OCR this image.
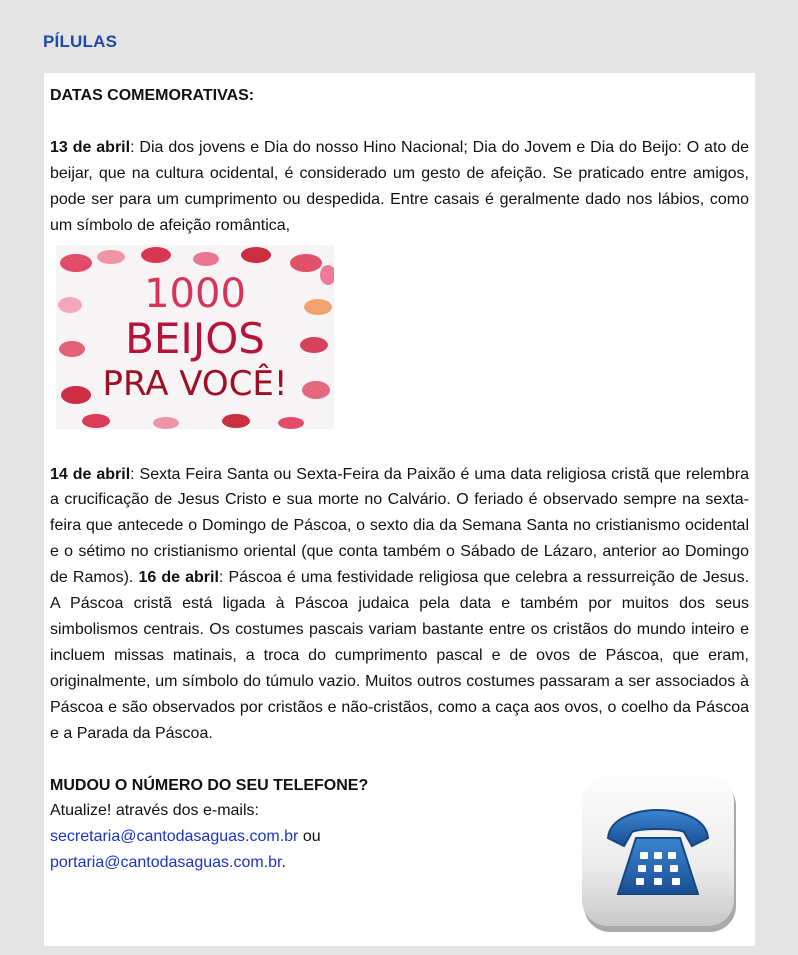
PÍLULAS
DATAS COMEMORATIVAS:

13 de abril: Dia dos jovens e Dia do nosso Hino Nacional; Dia do Jovem e Dia do Beijo: O ato de beijar, que na cultura ocidental, é considerado um gesto de afeição. Se praticado entre amigos, pode ser para um cumprimento ou despedida. Entre casais é geralmente dado nos lábios, como um símbolo de afeição romântica,

1000
BEIJOS
PRA VOCÊ!

14 de abril: Sexta Feira Santa ou Sexta-Feira da Paixão é uma data religiosa cristã que relembra a crucificação de Jesus Cristo e sua morte no Calvário. O feriado é observado sempre na sexta-feira que antecede o Domingo de Páscoa, o sexto dia da Semana Santa no cristianismo ocidental e o sétimo no cristianismo oriental (que conta também o Sábado de Lázaro, anterior ao Domingo de Ramos). 16 de abril: Páscoa é uma festividade religiosa que celebra a ressurreição de Jesus. A Páscoa cristã está ligada à Páscoa judaica pela data e também por muitos dos seus simbolismos centrais. Os costumes pascais variam bastante entre os cristãos do mundo inteiro e incluem missas matinais, a troca do cumprimento pascal e de ovos de Páscoa, que eram, originalmente, um símbolo do túmulo vazio. Muitos outros costumes passaram a ser associados à Páscoa e são observados por cristãos e não-cristãos, como a caça aos ovos, o coelho da Páscoa e a Parada da Páscoa.

MUDOU O NÚMERO DO SEU TELEFONE?
Atualize! através dos e-mails:
secretaria@cantodasaguas.com.br ou
portaria@cantodasaguas.com.br.
